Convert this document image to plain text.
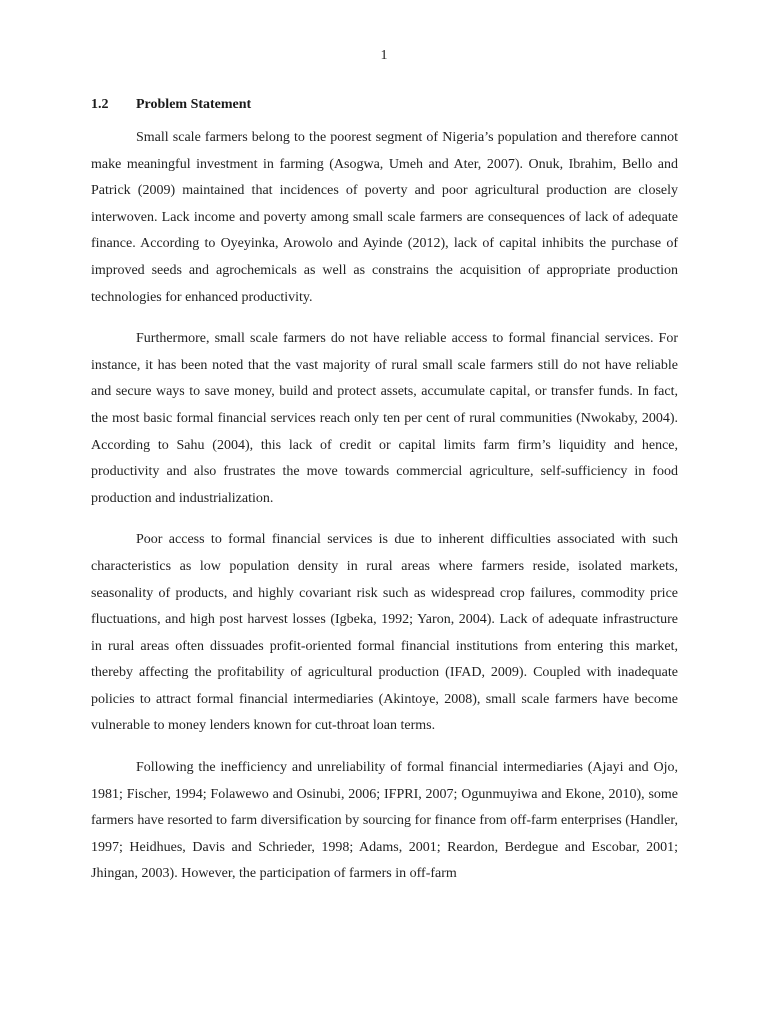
1
1.2	Problem Statement

Small scale farmers belong to the poorest segment of Nigeria’s population and therefore cannot make meaningful investment in farming (Asogwa, Umeh and Ater, 2007). Onuk, Ibrahim, Bello and Patrick (2009) maintained that incidences of poverty and poor agricultural production are closely interwoven. Lack income and poverty among small scale farmers are consequences of lack of adequate finance. According to Oyeyinka, Arowolo and Ayinde (2012), lack of capital inhibits the purchase of improved seeds and agrochemicals as well as constrains the acquisition of appropriate production technologies for enhanced productivity.

Furthermore, small scale farmers do not have reliable access to formal financial services. For instance, it has been noted that the vast majority of rural small scale farmers still do not have reliable and secure ways to save money, build and protect assets, accumulate capital, or transfer funds. In fact, the most basic formal financial services reach only ten per cent of rural communities (Nwokaby, 2004). According to Sahu (2004), this lack of credit or capital limits farm firm’s liquidity and hence, productivity and also frustrates the move towards commercial agriculture, self-sufficiency in food production and industrialization.

Poor access to formal financial services is due to inherent difficulties associated with such characteristics as low population density in rural areas where farmers reside, isolated markets, seasonality of products, and highly covariant risk such as widespread crop failures, commodity price fluctuations, and high post harvest losses (Igbeka, 1992; Yaron, 2004). Lack of adequate infrastructure in rural areas often dissuades profit-oriented formal financial institutions from entering this market, thereby affecting the profitability of agricultural production (IFAD, 2009). Coupled with inadequate policies to attract formal financial intermediaries (Akintoye, 2008), small scale farmers have become vulnerable to money lenders known for cut-throat loan terms.

Following the inefficiency and unreliability of formal financial intermediaries (Ajayi and Ojo, 1981; Fischer, 1994; Folawewo and Osinubi, 2006; IFPRI, 2007; Ogunmuyiwa and Ekone, 2010), some farmers have resorted to farm diversification by sourcing for finance from off-farm enterprises (Handler, 1997; Heidhues, Davis and Schrieder, 1998; Adams, 2001; Reardon, Berdegue and Escobar, 2001; Jhingan, 2003). However, the participation of farmers in off-farm
